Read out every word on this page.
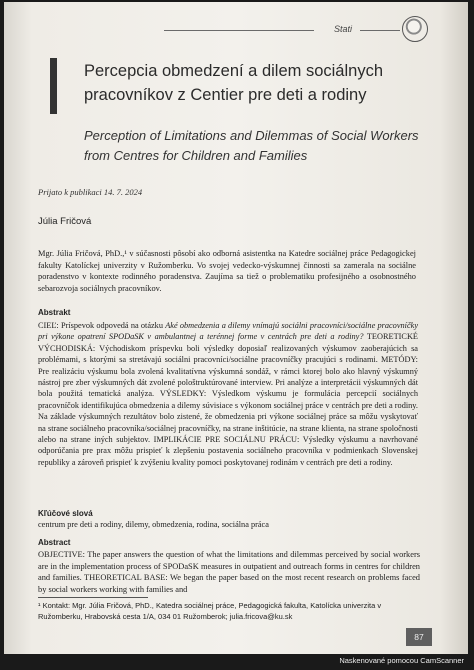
Stati
Percepcia obmedzení a dilem sociálnych pracovníkov z Centier pre deti a rodiny
Perception of Limitations and Dilemmas of Social Workers from Centres for Children and Families
Prijato k publikaci 14. 7. 2024
Júlia Fričová
Mgr. Júlia Fričová, PhD.,¹ v súčasnosti pôsobí ako odborná asistentka na Katedre sociálnej práce Pedagogickej fakulty Katolíckej univerzity v Ružomberku. Vo svojej vedecko-výskumnej činnosti sa zamerala na sociálne poradenstvo v kontexte rodinného poradenstva. Zaujíma sa tiež o problematiku profesijného a osobnostného sebarozvoja sociálnych pracovníkov.
Abstrakt
CIEĽ: Príspevok odpovedá na otázku Aké obmedzenia a dilemy vnímajú sociálni pracovníci/sociálne pracovníčky pri výkone opatrení SPODaSK v ambulantnej a terénnej forme v centrách pre deti a rodiny? TEORETICKÉ VÝCHODISKÁ: Východiskom príspevku boli výsledky doposiaľ realizovaných výskumov zaoberajúcich sa problémami, s ktorými sa stretávajú sociálni pracovníci/sociálne pracovníčky pracujúci s rodinami. METÓDY: Pre realizáciu výskumu bola zvolená kvalitatívna výskumná sondáž, v rámci ktorej bolo ako hlavný výskumný nástroj pre zber výskumných dát zvolené pološtruktúrované interview. Pri analýze a interpretácii výskumných dát bola použitá tematická analýza. VÝSLEDKY: Výsledkom výskumu je formulácia percepcií sociálnych pracovníčok identifikujúca obmedzenia a dilemy súvisiace s výkonom sociálnej práce v centrách pre deti a rodiny. Na základe výskumných rezultátov bolo zistené, že obmedzenia pri výkone sociálnej práce sa môžu vyskytovať na strane sociálneho pracovníka/sociálnej pracovníčky, na strane inštitúcie, na strane klienta, na strane spoločnosti alebo na strane iných subjektov. IMPLIKÁCIE PRE SOCIÁLNU PRÁCU: Výsledky výskumu a navrhované odporúčania pre prax môžu prispieť k zlepšeniu postavenia sociálneho pracovníka v podmienkach Slovenskej republiky a zároveň prispieť k zvýšeniu kvality pomoci poskytovanej rodinám v centrách pre deti a rodiny.
Kľúčové slová
centrum pre deti a rodiny, dilemy, obmedzenia, rodina, sociálna práca
Abstract
OBJECTIVE: The paper answers the question of what the limitations and dilemmas perceived by social workers are in the implementation process of SPODaSK measures in outpatient and outreach forms in centres for children and families. THEORETICAL BASE: We began the paper based on the most recent research on problems faced by social workers working with families and
¹ Kontakt: Mgr. Júlia Fričová, PhD., Katedra sociálnej práce, Pedagogická fakulta, Katolícka univerzita v Ružomberku, Hrabovská cesta 1/A, 034 01 Ružomberok; julia.fricova@ku.sk
87
Naskenované pomocou CamScanner
